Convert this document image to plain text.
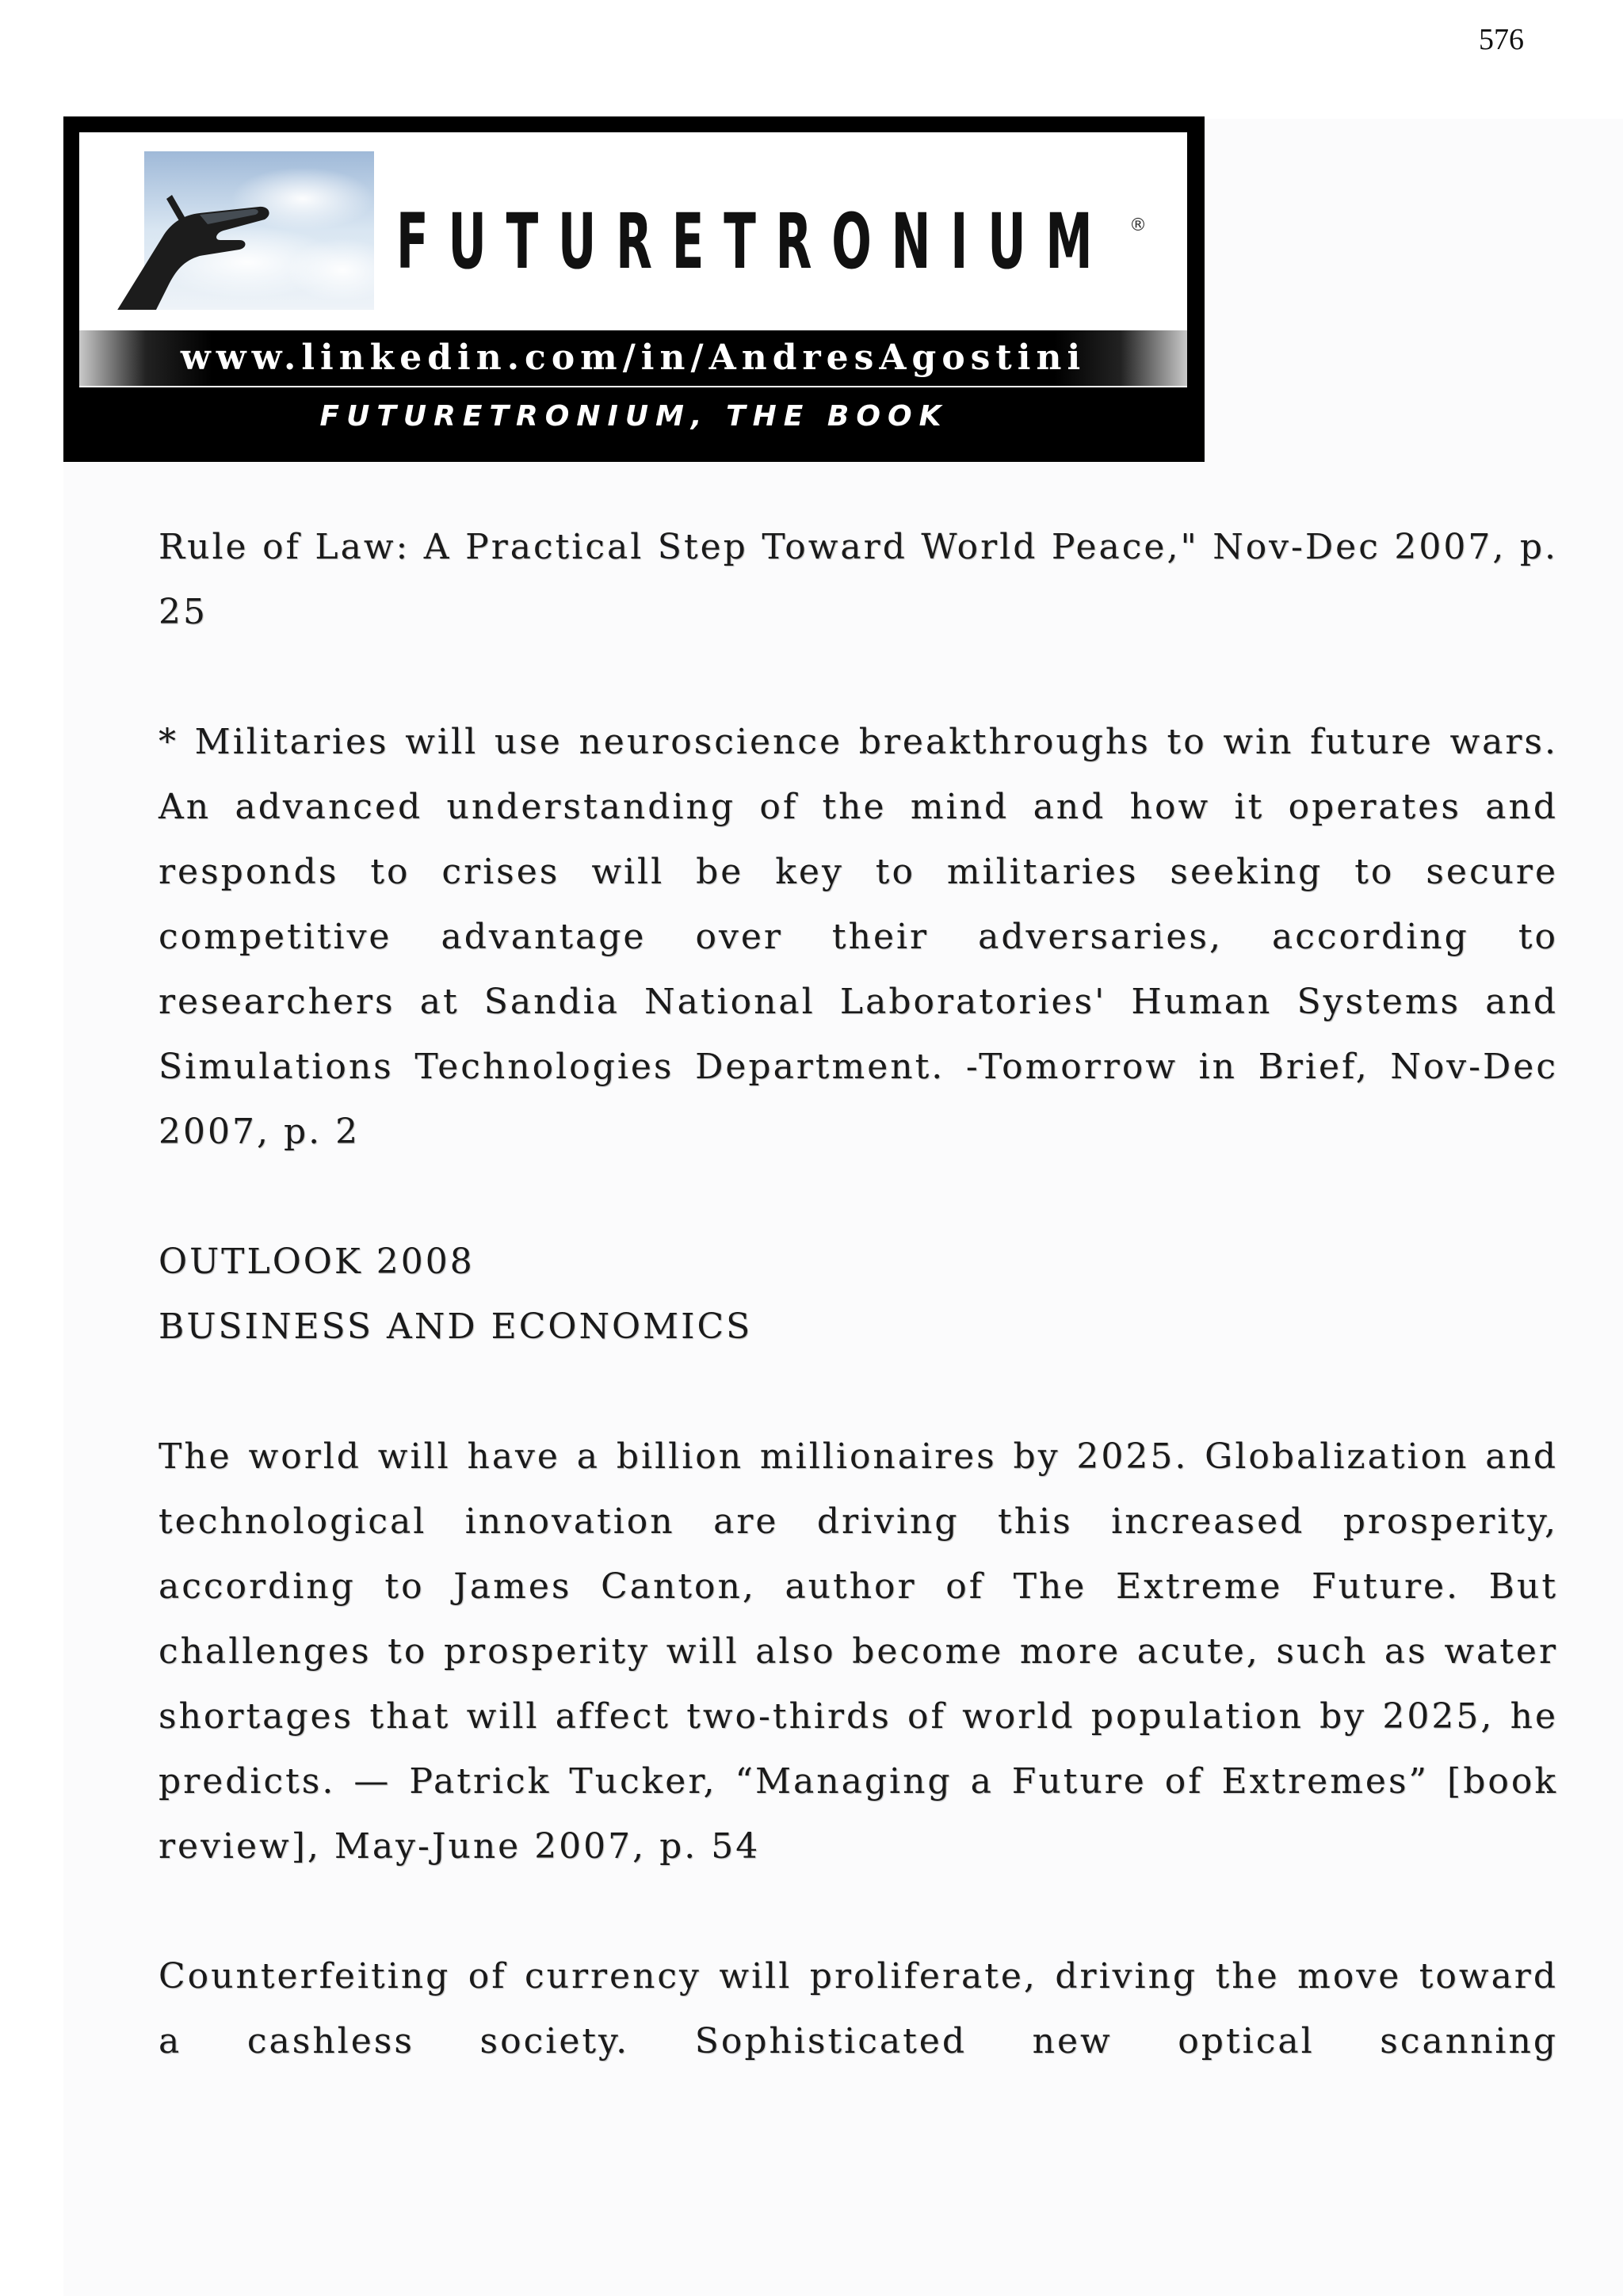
576
FUTURETRONIUM ®
www.linkedin.com/in/AndresAgostini
FUTURETRONIUM, THE BOOK

Rule of Law: A Practical Step Toward World Peace," Nov-Dec 2007, p. 25

* Militaries will use neuroscience breakthroughs to win future wars. An advanced understanding of the mind and how it operates and responds to crises will be key to militaries seeking to secure competitive advantage over their adversaries, according to researchers at Sandia National Laboratories' Human Systems and Simulations Technologies Department. -Tomorrow in Brief, Nov-Dec 2007, p. 2

OUTLOOK 2008

BUSINESS AND ECONOMICS

The world will have a billion millionaires by 2025. Globalization and technological innovation are driving this increased prosperity, according to James Canton, author of The Extreme Future. But challenges to prosperity will also become more acute, such as water shortages that will affect two-thirds of world population by 2025, he predicts. — Patrick Tucker, “Managing a Future of Extremes” [book review], May-June 2007, p. 54

Counterfeiting of currency will proliferate, driving the move toward a cashless society. Sophisticated new optical scanning
